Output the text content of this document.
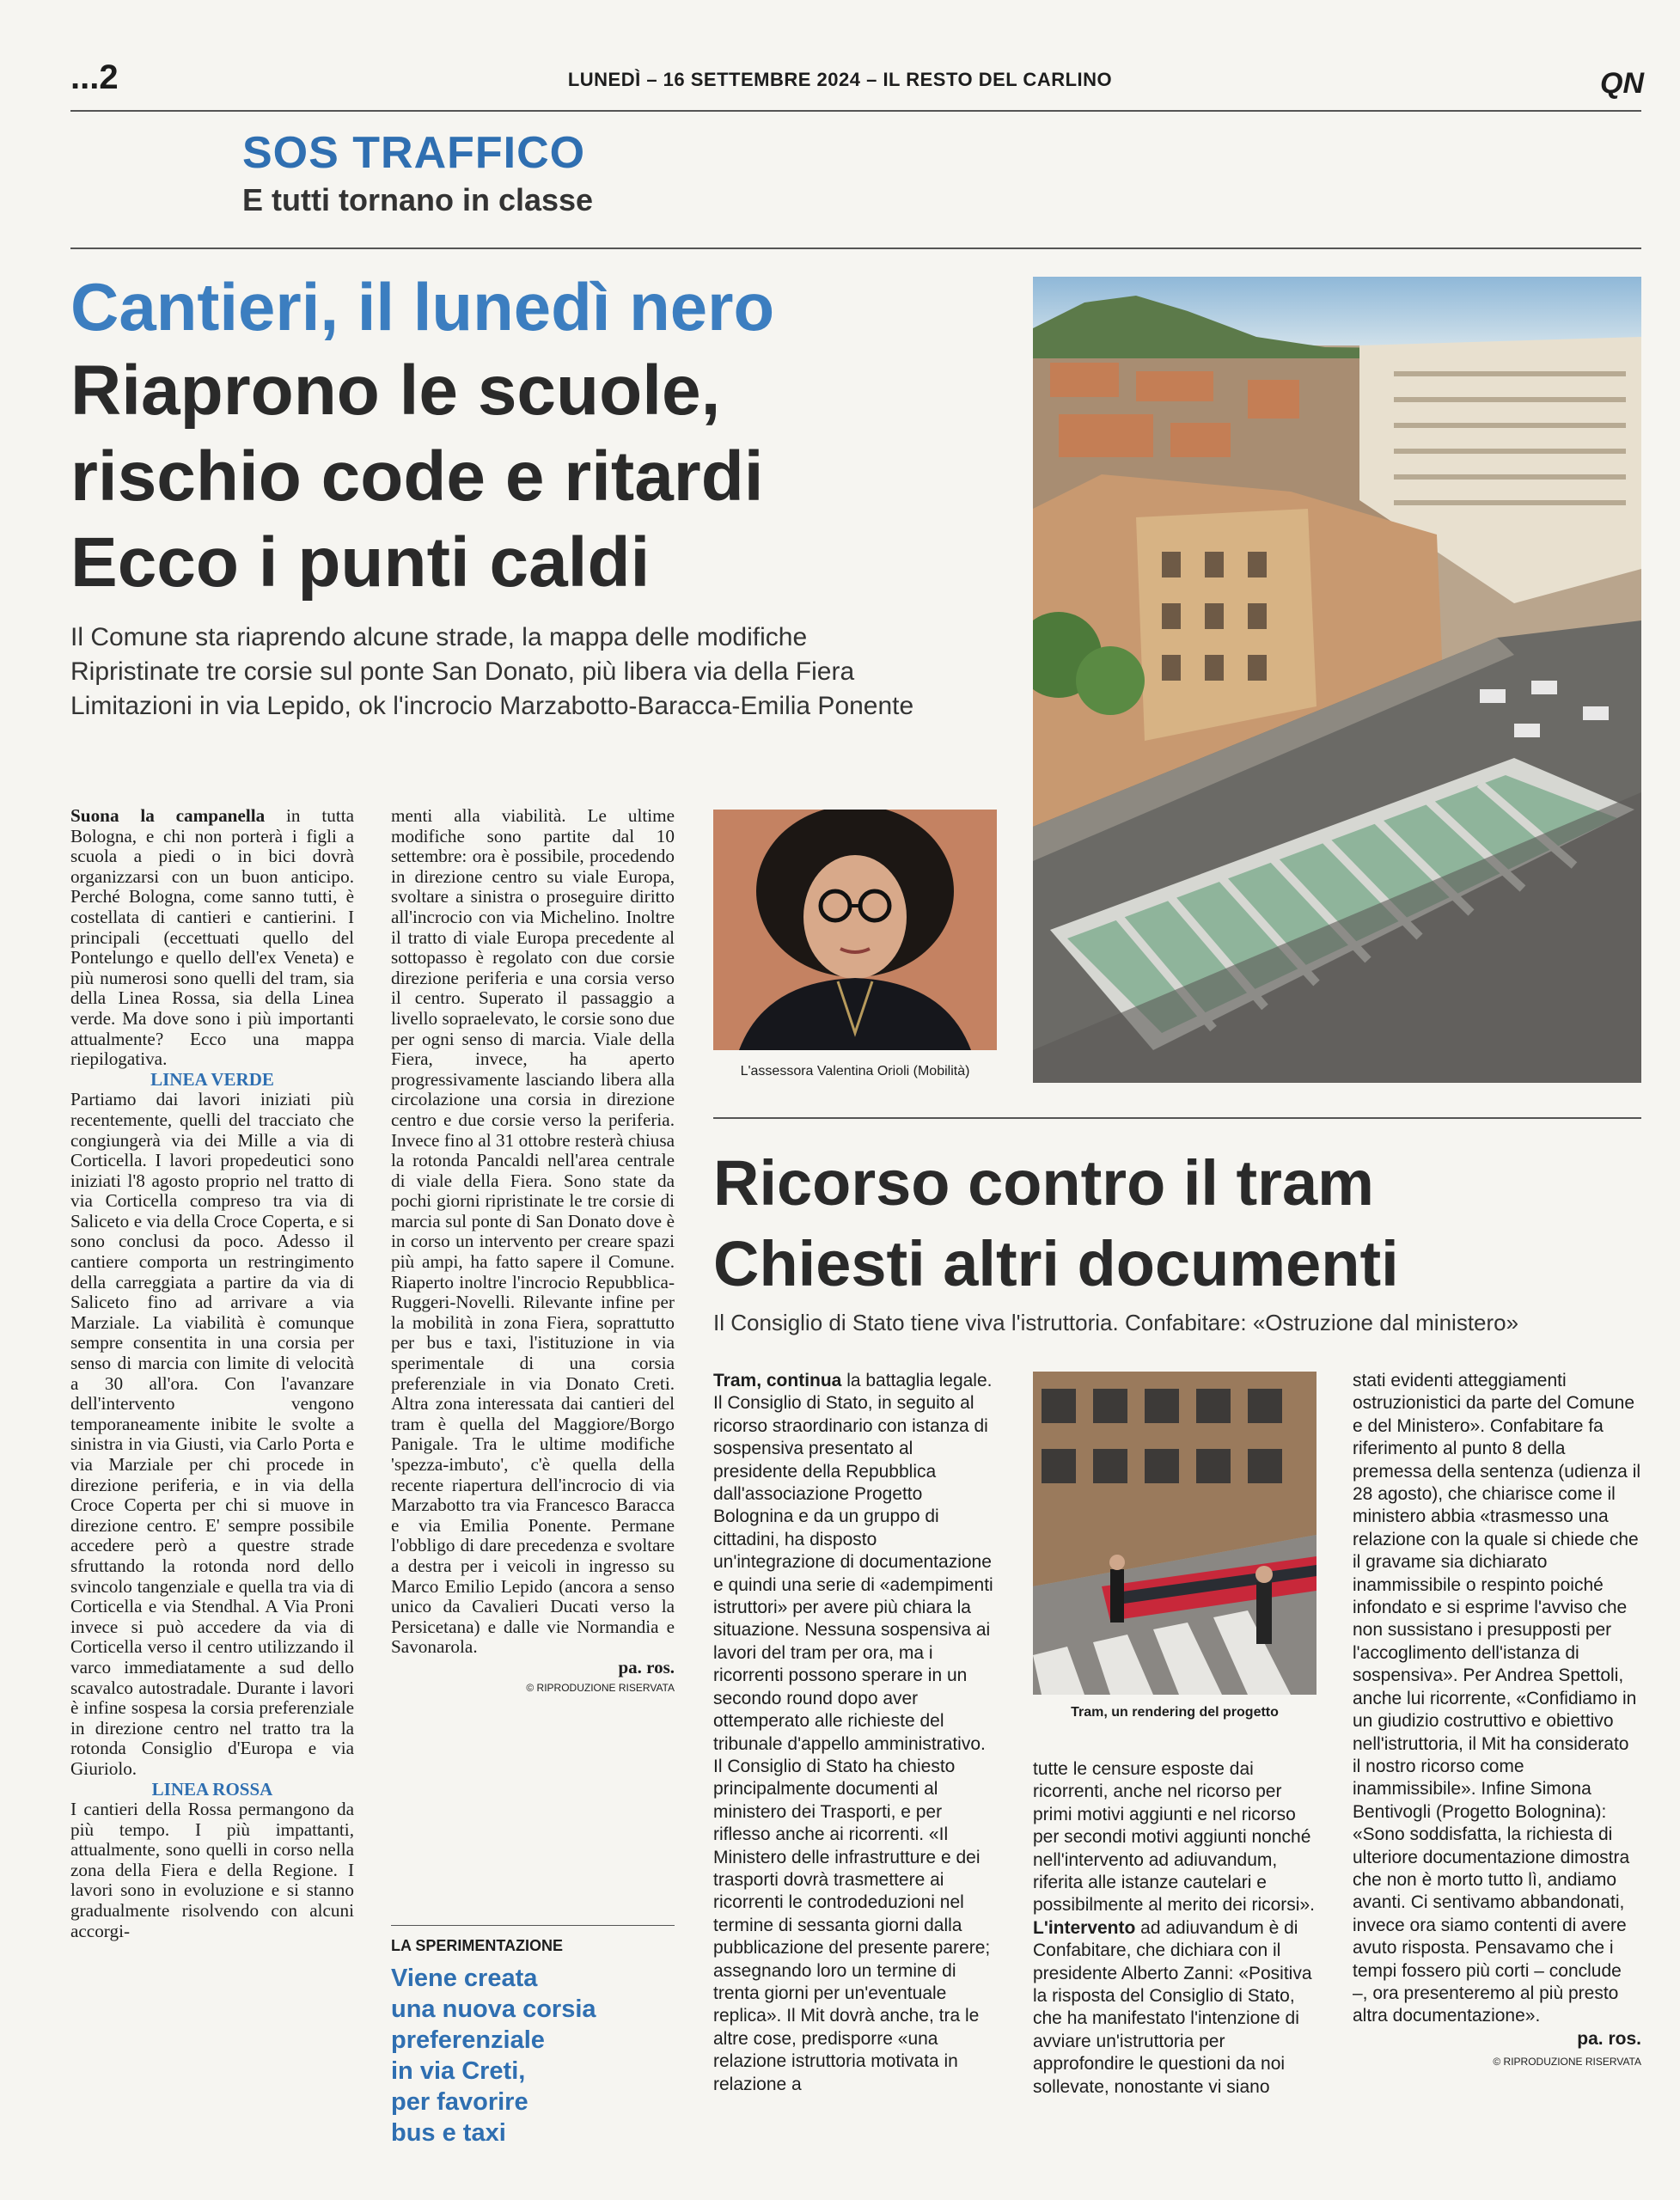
...2	LUNEDÌ – 16 SETTEMBRE 2024 – IL RESTO DEL CARLINO	QN
SOS TRAFFICO
E tutti tornano in classe
Cantieri, il lunedì nero
Riaprono le scuole,
rischio code e ritardi
Ecco i punti caldi
Il Comune sta riaprendo alcune strade, la mappa delle modifiche
Ripristinate tre corsie sul ponte San Donato, più libera via della Fiera
Limitazioni in via Lepido, ok l'incrocio Marzabotto-Baracca-Emilia Ponente

Suona la campanella in tutta Bologna, e chi non porterà i figli a scuola a piedi o in bici dovrà organizzarsi con un buon anticipo. Perché Bologna, come sanno tutti, è costellata di cantieri e cantierini. I principali (eccettuati quello del Pontelungo e quello dell'ex Veneta) e più numerosi sono quelli del tram, sia della Linea Rossa, sia della Linea verde. Ma dove sono i più importanti attualmente? Ecco una mappa riepilogativa.

LINEA VERDE

Partiamo dai lavori iniziati più recentemente, quelli del tracciato che congiungerà via dei Mille a via di Corticella. I lavori propedeutici sono iniziati l'8 agosto proprio nel tratto di via Corticella compreso tra via di Saliceto e via della Croce Coperta, e si sono conclusi da poco. Adesso il cantiere comporta un restringimento della carreggiata a partire da via di Saliceto fino ad arrivare a via Marziale. La viabilità è comunque sempre consentita in una corsia per senso di marcia con limite di velocità a 30 all'ora. Con l'avanzare dell'intervento vengono temporaneamente inibite le svolte a sinistra in via Giusti, via Carlo Porta e via Marziale per chi procede in direzione periferia, e in via della Croce Coperta per chi si muove in direzione centro. E' sempre possibile accedere però a questre strade sfruttando la rotonda nord dello svincolo tangenziale e quella tra via di Corticella e via Stendhal. A Via Proni invece si può accedere da via di Corticella verso il centro utilizzando il varco immediatamente a sud dello scavalco autostradale. Durante i lavori è infine sospesa la corsia preferenziale in direzione centro nel tratto tra la rotonda Consiglio d'Europa e via Giuriolo.

LINEA ROSSA

I cantieri della Rossa permangono da più tempo. I più impattanti, attualmente, sono quelli in corso nella zona della Fiera e della Regione. I lavori sono in evoluzione e si stanno gradualmente risolvendo con alcuni accorgi-

menti alla viabilità. Le ultime modifiche sono partite dal 10 settembre: ora è possibile, procedendo in direzione centro su viale Europa, svoltare a sinistra o proseguire diritto all'incrocio con via Michelino. Inoltre il tratto di viale Europa precedente al sottopasso è regolato con due corsie direzione periferia e una corsia verso il centro. Superato il passaggio a livello sopraelevato, le corsie sono due per ogni senso di marcia. Viale della Fiera, invece, ha aperto progressivamente lasciando libera alla circolazione una corsia in direzione centro e due corsie verso la periferia. Invece fino al 31 ottobre resterà chiusa la rotonda Pancaldi nell'area centrale di viale della Fiera. Sono state da pochi giorni ripristinate le tre corsie di marcia sul ponte di San Donato dove è in corso un intervento per creare spazi più ampi, ha fatto sapere il Comune. Riaperto inoltre l'incrocio Repubblica-Ruggeri-Novelli. Rilevante infine per la mobilità in zona Fiera, soprattutto per bus e taxi, l'istituzione in via sperimentale di una corsia preferenziale in via Donato Creti. Altra zona interessata dai cantieri del tram è quella del Maggiore/Borgo Panigale. Tra le ultime modifiche 'spezza-imbuto', c'è quella della recente riapertura dell'incrocio di via Marzabotto tra via Francesco Baracca e via Emilia Ponente. Permane l'obbligo di dare precedenza e svoltare a destra per i veicoli in ingresso su Marco Emilio Lepido (ancora a senso unico da Cavalieri Ducati verso la Persicetana) e dalle vie Normandia e Savonarola.

pa. ros.

© RIPRODUZIONE RISERVATA

LA SPERIMENTAZIONE
Viene creata
una nuova corsia
preferenziale
in via Creti,
per favorire
bus e taxi
L'assessora Valentina Orioli (Mobilità)
Ricorso contro il tram
Chiesti altri documenti
Il Consiglio di Stato tiene viva l'istruttoria. Confabitare: «Ostruzione dal ministero»

Tram, continua la battaglia legale. Il Consiglio di Stato, in seguito al ricorso straordinario con istanza di sospensiva presentato al presidente della Repubblica dall'associazione Progetto Bolognina e da un gruppo di cittadini, ha disposto un'integrazione di documentazione e quindi una serie di «adempimenti istruttori» per avere più chiara la situazione. Nessuna sospensiva ai lavori del tram per ora, ma i ricorrenti possono sperare in un secondo round dopo aver ottemperato alle richieste del tribunale d'appello amministrativo. Il Consiglio di Stato ha chiesto principalmente documenti al ministero dei Trasporti, e per riflesso anche ai ricorrenti. «Il Ministero delle infrastrutture e dei trasporti dovrà trasmettere ai ricorrenti le controdeduzioni nel termine di sessanta giorni dalla pubblicazione del presente parere; assegnando loro un termine di trenta giorni per un'eventuale replica». Il Mit dovrà anche, tra le altre cose, predisporre «una relazione istruttoria motivata in relazione a

Tram, un rendering del progetto

tutte le censure esposte dai ricorrenti, anche nel ricorso per primi motivi aggiunti e nel ricorso per secondi motivi aggiunti nonché nell'intervento ad adiuvandum, riferita alle istanze cautelari e possibilmente al merito dei ricorsi».

L'intervento ad adiuvandum è di Confabitare, che dichiara con il presidente Alberto Zanni: «Positiva la risposta del Consiglio di Stato, che ha manifestato l'intenzione di avviare un'istruttoria per approfondire le questioni da noi sollevate, nonostante vi siano

stati evidenti atteggiamenti ostruzionistici da parte del Comune e del Ministero». Confabitare fa riferimento al punto 8 della premessa della sentenza (udienza il 28 agosto), che chiarisce come il ministero abbia «trasmesso una relazione con la quale si chiede che il gravame sia dichiarato inammissibile o respinto poiché infondato e si esprime l'avviso che non sussistano i presupposti per l'accoglimento dell'istanza di sospensiva». Per Andrea Spettoli, anche lui ricorrente, «Confidiamo in un giudizio costruttivo e obiettivo nell'istruttoria, il Mit ha considerato il nostro ricorso come inammissibile». Infine Simona Bentivogli (Progetto Bolognina): «Sono soddisfatta, la richiesta di ulteriore documentazione dimostra che non è morto tutto lì, andiamo avanti. Ci sentivamo abbandonati, invece ora siamo contenti di avere avuto risposta. Pensavamo che i tempi fossero più corti – conclude –, ora presenteremo al più presto altra documentazione».

pa. ros.

© RIPRODUZIONE RISERVATA
